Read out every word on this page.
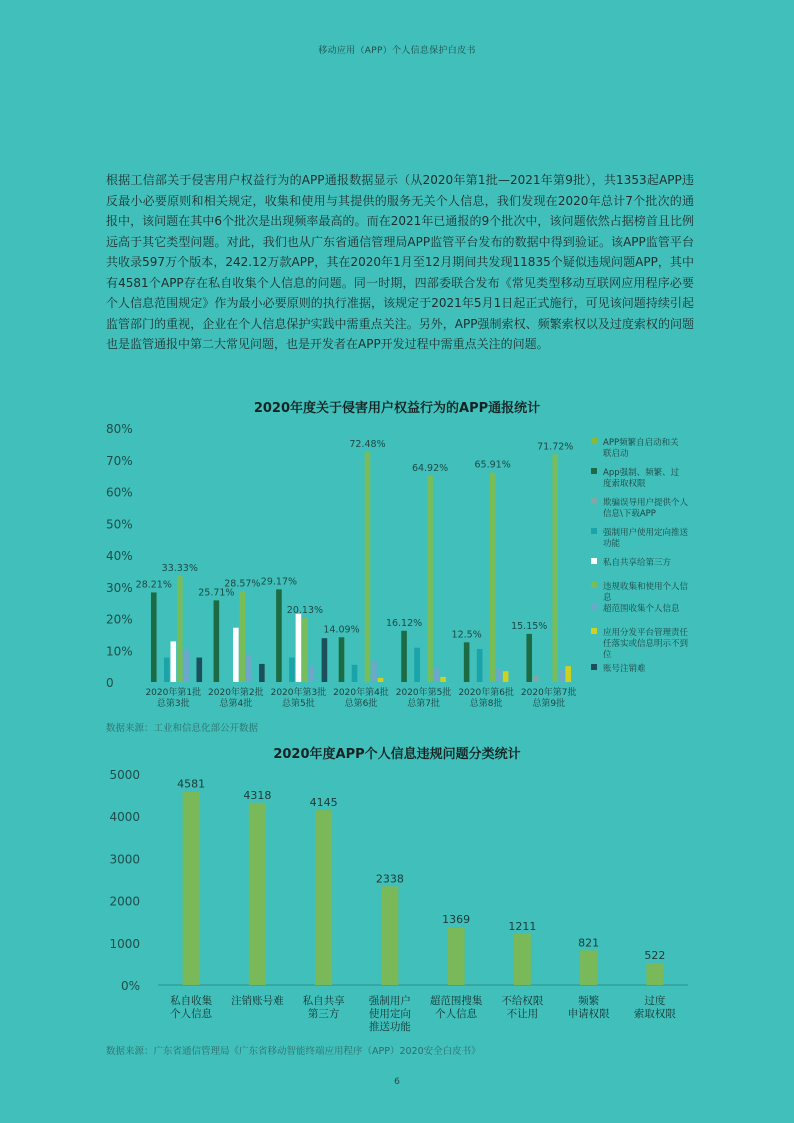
移动应用（APP）个人信息保护白皮书

根据工信部关于侵害用户权益行为的APP通报数据显示（从2020年第1批—2021年第9批），共1353起APP违反最小必要原则和相关规定，收集和使用与其提供的服务无关个人信息，我们发现在2020年总计7个批次的通报中，该问题在其中6个批次是出现频率最高的。而在2021年已通报的9个批次中，该问题依然占据榜首且比例远高于其它类型问题。对此，我们也从广东省通信管理局APP监管平台发布的数据中得到验证。该APP监管平台共收录597万个版本，242.12万款APP，其在2020年1月至12月期间共发现11835个疑似违规问题APP，其中有4581个APP存在私自收集个人信息的问题。同一时期，四部委联合发布《常见类型移动互联网应用程序必要个人信息范围规定》作为最小必要原则的执行准据，该规定于2021年5月1日起正式施行，可见该问题持续引起监管部门的重视，企业在个人信息保护实践中需重点关注。另外，APP强制索权、频繁索权以及过度索权的问题也是监管通报中第二大常见问题，也是开发者在APP开发过程中需重点关注的问题。

2020年度关于侵害用户权益行为的APP通报统计
0
10%
20%
30%
40%
50%
60%
70%
80%
28.21%
25.71%
29.17%
14.09%
16.12%
12.5%
15.15%
33.33%
28.57%
20.13%
72.48%
64.92%	65.91%
71.72%
2020年第1批
总第3批
2020年第2批
总第4批
2020年第3批
总第5批
2020年第4批
总第6批
2020年第5批
总第7批
2020年第6批
总第8批
2020年第7批
总第9批
APP频繁自启动和关
联启动
App强制、频繁、过
度索取权限
欺骗误导用户提供个人
信息\下载APP
强制用户使用定向推送
功能
私自共享给第三方
违规收集和使用个人信
息
超范围收集个人信息
应用分发平台管理责任
任落实或信息明示不到
位
账号注销难
数据来源：工业和信息化部公开数据
2020年度APP个人信息违规问题分类统计
0%
1000
2000
3000
4000
5000
4581
4318
4145
2338
1369
1211
821
522
私自收集
个人信息
注销账号难 私自共享
第三方
强制用户
使用定向
推送功能
超范围搜集
个人信息
不给权限
不让用
频繁
申请权限
过度
索取权限
数据来源：广东省通信管理局《广东省移动智能终端应用程序（APP）2020安全白皮书》
6
